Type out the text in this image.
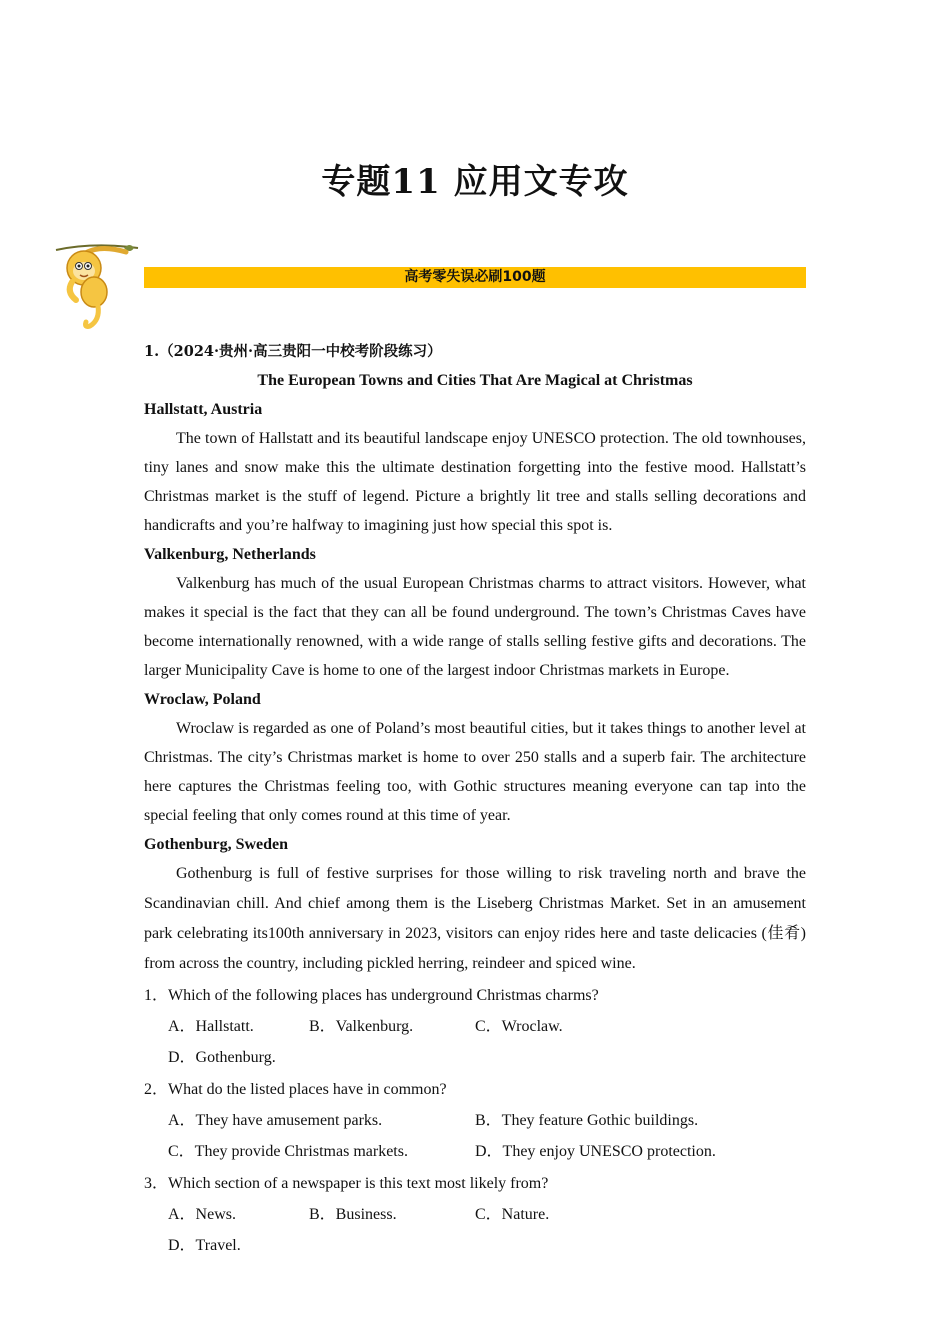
专题11 应用文专攻
高考零失误必刷100题
1.（2024·贵州·高三贵阳一中校考阶段练习）
The European Towns and Cities That Are Magical at Christmas
Hallstatt, Austria
The town of Hallstatt and its beautiful landscape enjoy UNESCO protection. The old townhouses, tiny lanes and snow make this the ultimate destination forgetting into the festive mood. Hallstatt’s Christmas market is the stuff of legend. Picture a brightly lit tree and stalls selling decorations and handicrafts and you’re halfway to imagining just how special this spot is.
Valkenburg, Netherlands
Valkenburg has much of the usual European Christmas charms to attract visitors. However, what makes it special is the fact that they can all be found underground. The town’s Christmas Caves have become internationally renowned, with a wide range of stalls selling festive gifts and decorations. The larger Municipality Cave is home to one of the largest indoor Christmas markets in Europe.
Wroclaw, Poland
Wroclaw is regarded as one of Poland’s most beautiful cities, but it takes things to another level at Christmas. The city’s Christmas market is home to over 250 stalls and a superb fair. The architecture here captures the Christmas feeling too, with Gothic structures meaning everyone can tap into the special feeling that only comes round at this time of year.
Gothenburg, Sweden
Gothenburg is full of festive surprises for those willing to risk traveling north and brave the Scandinavian chill. And chief among them is the Liseberg Christmas Market. Set in an amusement park celebrating its100th anniversary in 2023, visitors can enjoy rides here and taste delicacies (佳肴) from across the country, including pickled herring, reindeer and spiced wine.
1．Which of the following places has underground Christmas charms?
A．Hallstatt.	B．Valkenburg.	C．Wroclaw.
D．Gothenburg.
2．What do the listed places have in common?
A．They have amusement parks.	B．They feature Gothic buildings.
C．They provide Christmas markets.	D．They enjoy UNESCO protection.
3．Which section of a newspaper is this text most likely from?
A．News.	B．Business.	C．Nature.
D．Travel.
